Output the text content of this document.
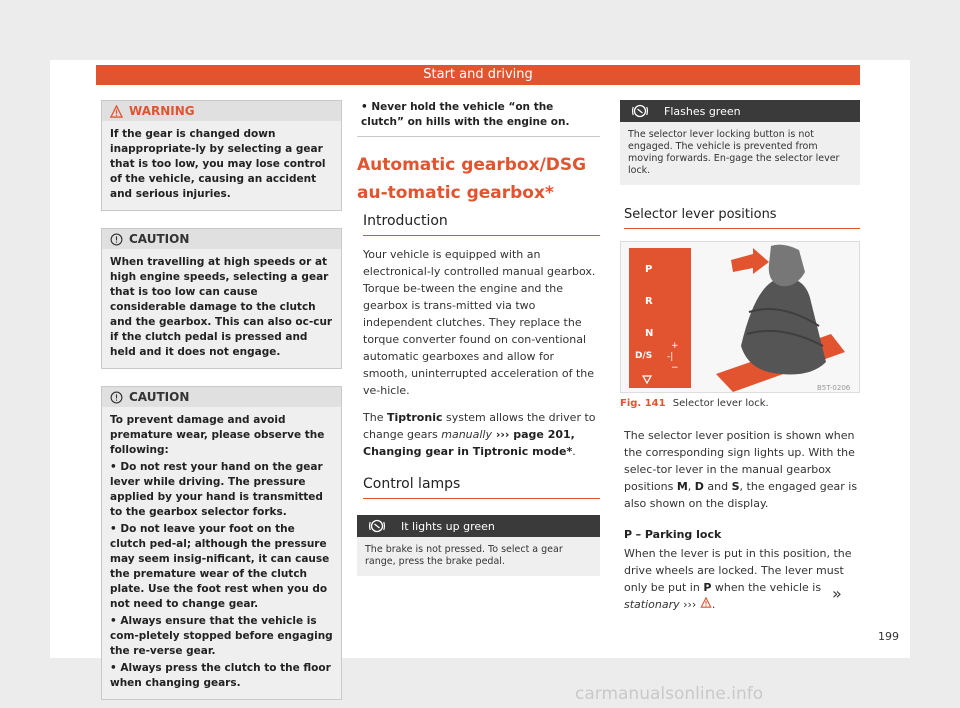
Start and driving
WARNING

If the gear is changed down inappropriate-ly by selecting a gear that is too low, you may lose control of the vehicle, causing an accident and serious injuries.

CAUTION

When travelling at high speeds or at high engine speeds, selecting a gear that is too low can cause considerable damage to the clutch and the gearbox. This can also oc-cur if the clutch pedal is pressed and held and it does not engage.

CAUTION

To prevent damage and avoid premature wear, please observe the following:

• Do not rest your hand on the gear lever while driving. The pressure applied by your hand is transmitted to the gearbox selector forks.

• Do not leave your foot on the clutch ped-al; although the pressure may seem insig-nificant, it can cause the premature wear of the clutch plate. Use the foot rest when you do not need to change gear.

• Always ensure that the vehicle is com-pletely stopped before engaging the re-verse gear.

• Always press the clutch to the floor when changing gears.

• Never hold the vehicle “on the clutch” on hills with the engine on.
Automatic gearbox/DSG au-tomatic gearbox*
Introduction
Your vehicle is equipped with an electronical-ly controlled manual gearbox. Torque be-tween the engine and the gearbox is trans-mitted via two independent clutches. They replace the torque converter found on con-ventional automatic gearboxes and allow for smooth, uninterrupted acceleration of the ve-hicle.
The Tiptronic system allows the driver to change gears manually ››› page 201, Changing gear in Tiptronic mode*.
Control lamps
It lights up green
The brake is not pressed. To select a gear range, press the brake pedal.
Flashes green
The selector lever locking button is not engaged. The vehicle is prevented from moving forwards. En-gage the selector lever lock.
Selector lever positions
P
R
N
D/S
+
-|
−
B5T-0206
Fig. 141 Selector lever lock.
The selector lever position is shown when the corresponding sign lights up. With the selec-tor lever in the manual gearbox positions M, D and S, the engaged gear is also shown on the display.
P – Parking lock
When the lever is put in this position, the drive wheels are locked. The lever must only be put in P when the vehicle is stationary ››› .
»
199
carmanualsonline.info
